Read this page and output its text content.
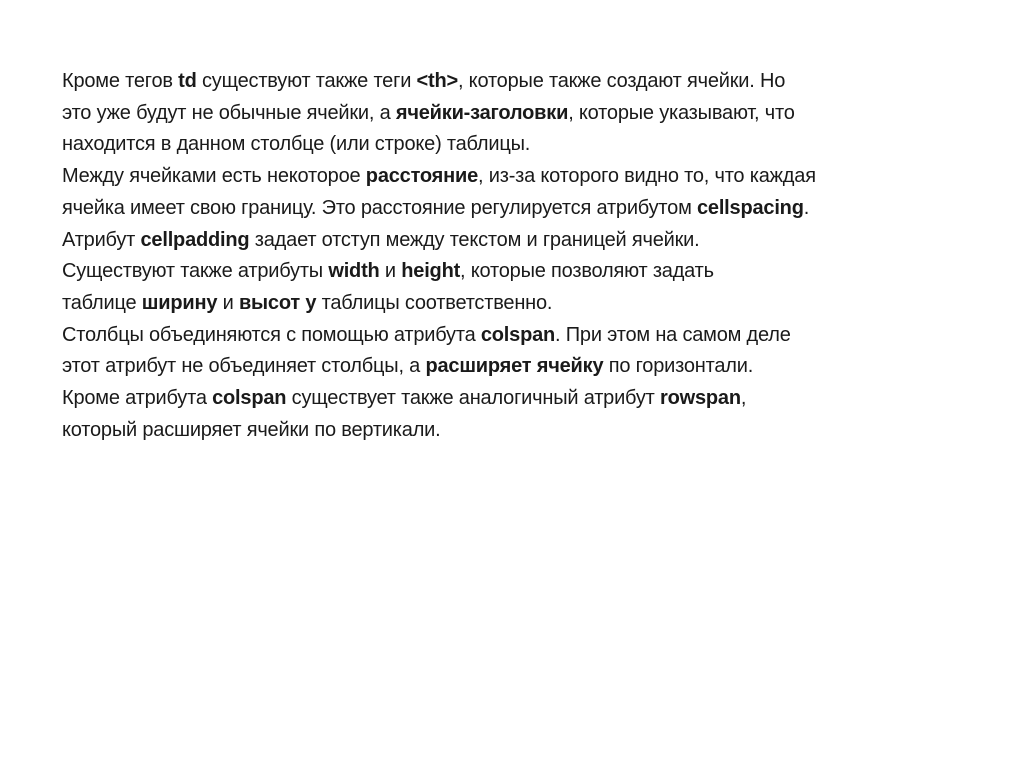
Кроме тегов td существуют также теги <th>, которые также создают ячейки. Но
это уже будут не обычные ячейки, а ячейки-заголовки, которые указывают, что
находится в данном столбце (или строке) таблицы.
Между ячейками есть некоторое расстояние, из-за которого видно то, что каждая
ячейка имеет свою границу. Это расстояние регулируется атрибутом cellspacing.
Атрибут cellpadding задает отступ между текстом и границей ячейки.
Существуют также атрибуты width и height, которые позволяют задать
таблице ширину и высот у таблицы соответственно.
Столбцы объединяются с помощью атрибута colspan. При этом на самом деле
этот атрибут не объединяет столбцы, а расширяет ячейку по горизонтали.
Кроме атрибута colspan существует также аналогичный атрибут rowspan,
который расширяет ячейки по вертикали.
